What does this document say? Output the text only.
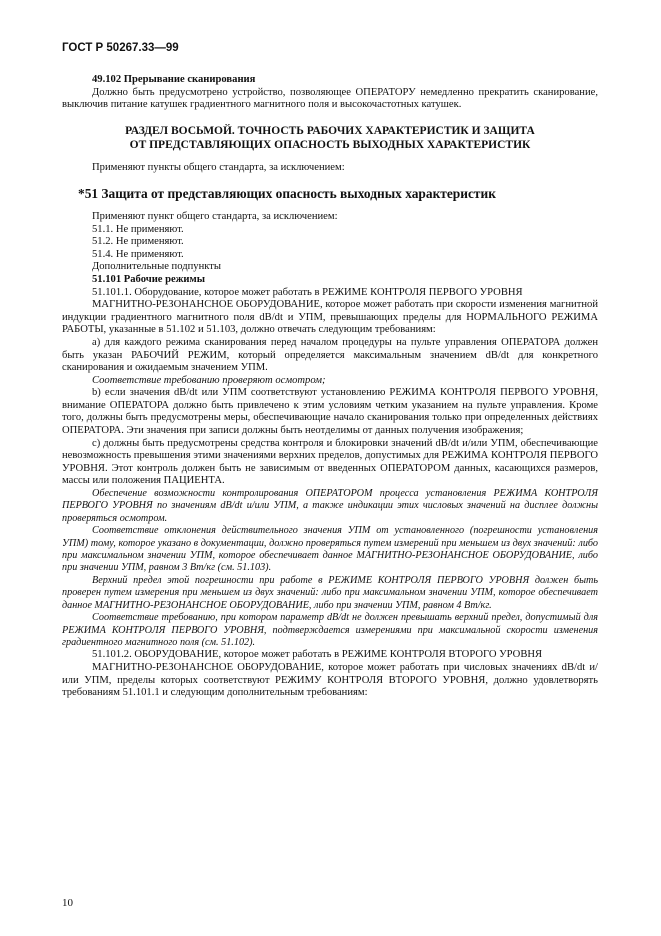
ГОСТ Р 50267.33—99

49.102 Прерывание сканирования

Должно быть предусмотрено устройство, позволяющее ОПЕРАТОРУ немедленно прекратить сканирование, выключив питание катушек градиентного магнитного поля и высокочастотных катушек.

РАЗДЕЛ ВОСЬМОЙ. ТОЧНОСТЬ РАБОЧИХ ХАРАКТЕРИСТИК И ЗАЩИТА
ОТ ПРЕДСТАВЛЯЮЩИХ ОПАСНОСТЬ ВЫХОДНЫХ ХАРАКТЕРИСТИК

Применяют пункты общего стандарта, за исключением:

*51 Защита от представляющих опасность выходных характеристик

Применяют пункт общего стандарта, за исключением:

51.1. Не применяют.

51.2. Не применяют.

51.4. Не применяют.

Дополнительные подпункты

51.101 Рабочие режимы

51.101.1. Оборудование, которое может работать в РЕЖИМЕ КОНТРОЛЯ ПЕРВОГО УРОВНЯ

МАГНИТНО-РЕЗОНАНСНОЕ ОБОРУДОВАНИЕ, которое может работать при скорости изменения магнитной индукции градиентного магнитного поля dB/dt и УПМ, превышающих пределы для НОРМАЛЬНОГО РЕЖИМА РАБОТЫ, указанные в 51.102 и 51.103, должно отвечать следующим требованиям:

а) для каждого режима сканирования перед началом процедуры на пульте управления ОПЕРАТОРА должен быть указан РАБОЧИЙ РЕЖИМ, который определяется максимальным значением dB/dt для конкретного сканирования и ожидаемым значением УПМ.

Соответствие требованию проверяют осмотром;

b) если значения dB/dt или УПМ соответствуют установлению РЕЖИМА КОНТРОЛЯ ПЕРВОГО УРОВНЯ, внимание ОПЕРАТОРА должно быть привлечено к этим условиям четким указанием на пульте управления. Кроме того, должны быть предусмотрены меры, обеспечивающие начало сканирования только при определенных действиях ОПЕРАТОРА. Эти значения при записи должны быть неотделимы от данных получения изображения;

с) должны быть предусмотрены средства контроля и блокировки значений dB/dt и/или УПМ, обеспечивающие невозможность превышения этими значениями верхних пределов, допустимых для РЕЖИМА КОНТРОЛЯ ПЕРВОГО УРОВНЯ. Этот контроль должен быть не зависимым от введенных ОПЕРАТОРОМ данных, касающихся размеров, массы или положения ПАЦИЕНТА.

Обеспечение возможности контролирования ОПЕРАТОРОМ процесса установления РЕЖИМА КОНТРОЛЯ ПЕРВОГО УРОВНЯ по значениям dB/dt и/или УПМ, а также индикации этих числовых значений на дисплее должны проверяться осмотром.

Соответствие отклонения действительного значения УПМ от установленного (погрешности установления УПМ) тому, которое указано в документации, должно проверяться путем измерений при меньшем из двух значений: либо при максимальном значении УПМ, которое обеспечивает данное МАГНИТНО-РЕЗОНАНСНОЕ ОБОРУДОВАНИЕ, либо при значении УПМ, равном 3 Вт/кг (см. 51.103).

Верхний предел этой погрешности при работе в РЕЖИМЕ КОНТРОЛЯ ПЕРВОГО УРОВНЯ должен быть проверен путем измерения при меньшем из двух значений: либо при максимальном значении УПМ, которое обеспечивает данное МАГНИТНО-РЕЗОНАНСНОЕ ОБОРУДОВАНИЕ, либо при значении УПМ, равном 4 Вт/кг.

Соответствие требованию, при котором параметр dB/dt не должен превышать верхний предел, допустимый для РЕЖИМА КОНТРОЛЯ ПЕРВОГО УРОВНЯ, подтверждается измерениями при максимальной скорости изменения градиентного магнитного поля (см. 51.102).

51.101.2. ОБОРУДОВАНИЕ, которое может работать в РЕЖИМЕ КОНТРОЛЯ ВТОРОГО УРОВНЯ

МАГНИТНО-РЕЗОНАНСНОЕ ОБОРУДОВАНИЕ, которое может работать при числовых значениях dB/dt и/или УПМ, пределы которых соответствуют РЕЖИМУ КОНТРОЛЯ ВТОРОГО УРОВНЯ, должно удовлетворять требованиям 51.101.1 и следующим дополнительным требованиям:

10
